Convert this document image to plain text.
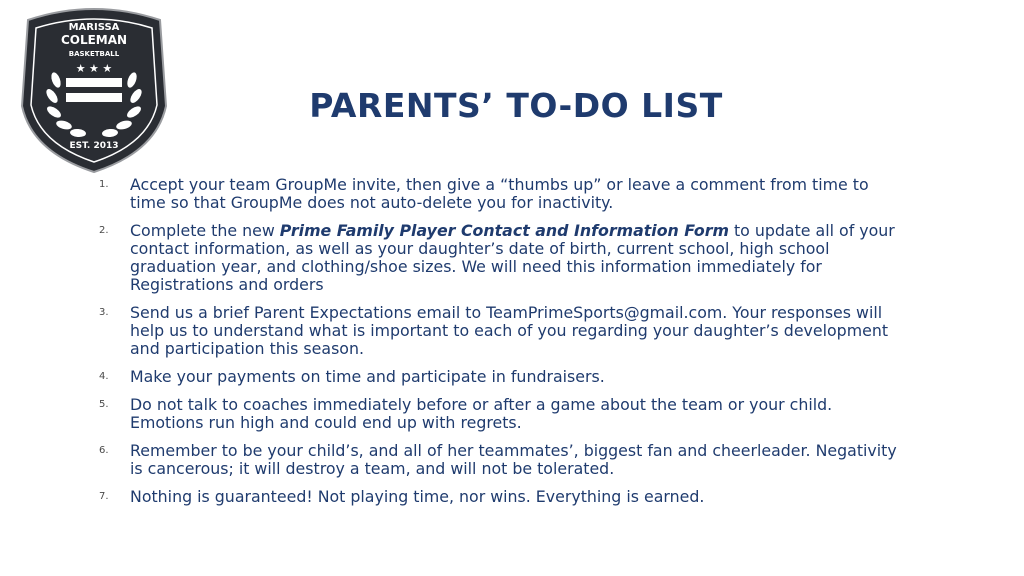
MARISSA
COLEMAN
BASKETBALL
★ ★ ★
EST. 2013
PARENTS’ TO-DO LIST
1. Accept your team GroupMe invite, then give a “thumbs up” or leave a comment from time to time so that GroupMe does not auto-delete you for inactivity.
2. Complete the new Prime Family Player Contact and Information Form to update all of your contact information, as well as your daughter’s date of birth, current school, high school graduation year, and clothing/shoe sizes. We will need this information immediately for Registrations and orders
3. Send us a brief Parent Expectations email to TeamPrimeSports@gmail.com. Your responses will help us to understand what is important to each of you regarding your daughter’s development and participation this season.
4. Make your payments on time and participate in fundraisers.
5. Do not talk to coaches immediately before or after a game about the team or your child. Emotions run high and could end up with regrets.
6. Remember to be your child’s, and all of her teammates’, biggest fan and cheerleader. Negativity is cancerous; it will destroy a team, and will not be tolerated.
7. Nothing is guaranteed! Not playing time, nor wins. Everything is earned.
